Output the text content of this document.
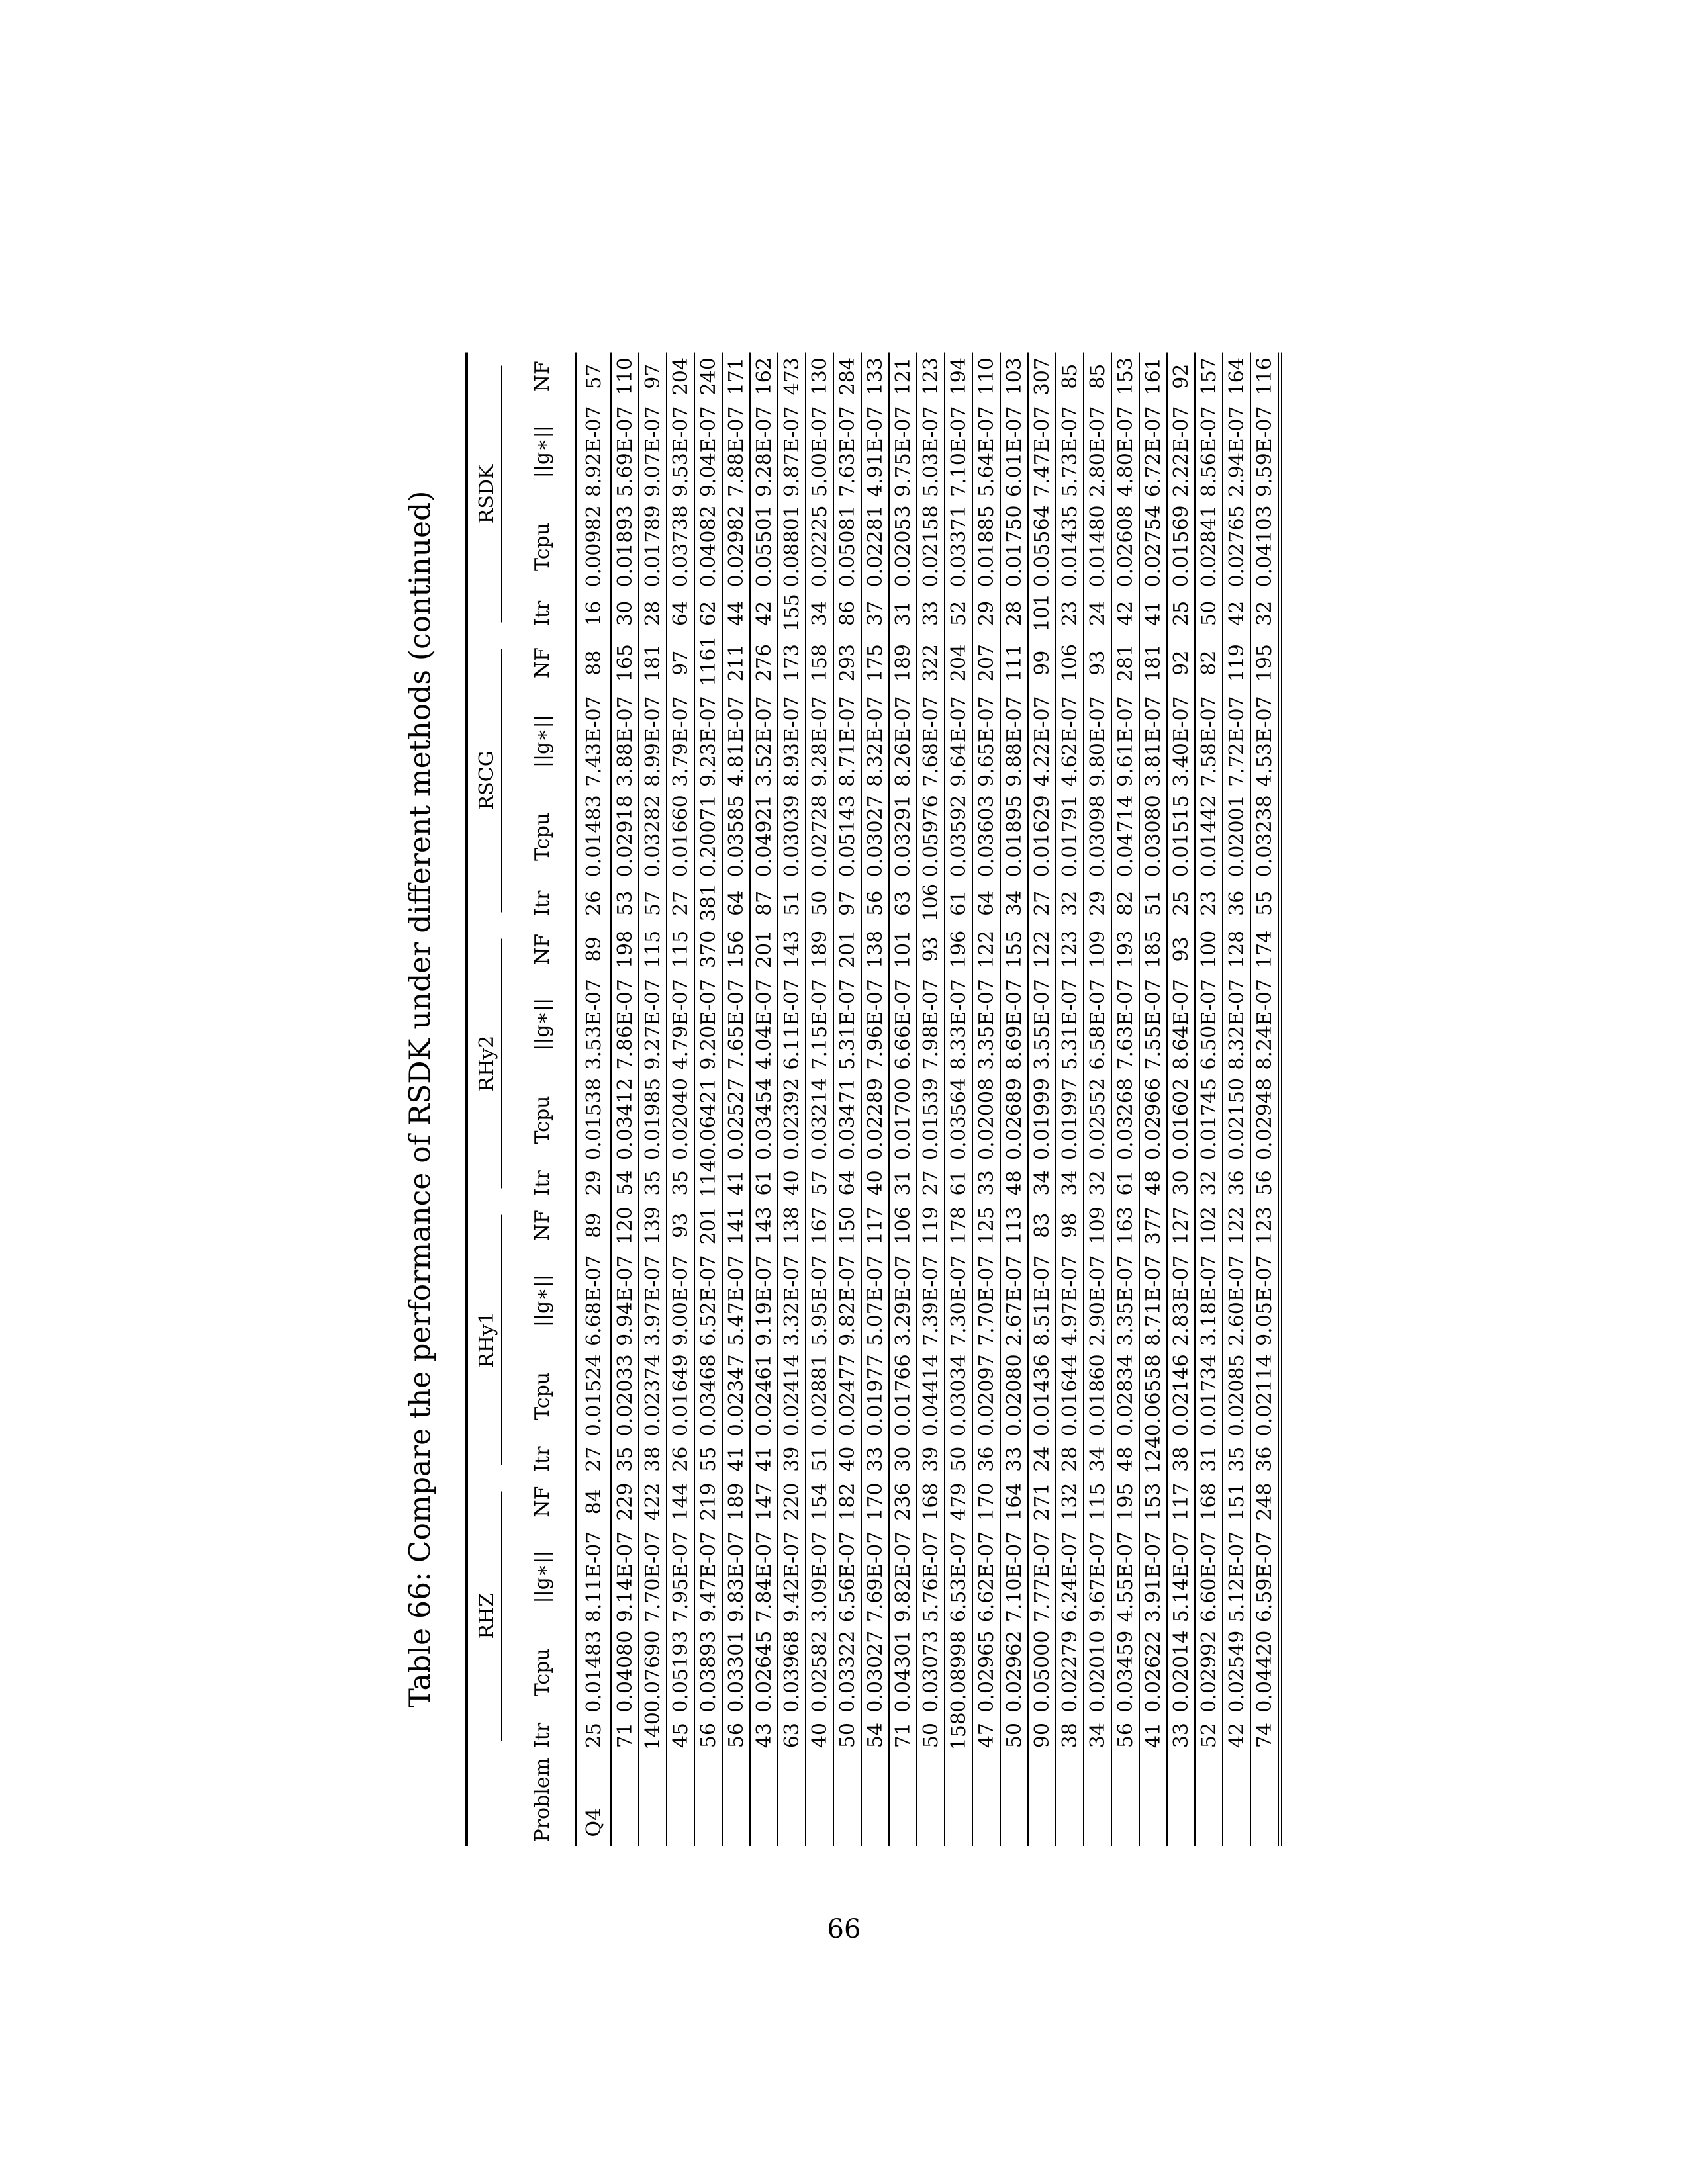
Table 66: Compare the performance of RSDK under different methods (continued)

	RHZ				RHy1				RHy2				RSCG				RSDK			

Problem	Itr	Tcpu	||g∗||	NF	Itr	Tcpu	||g∗||	NF	Itr	Tcpu	||g∗||	NF	Itr	Tcpu	||g∗||	NF	Itr	Tcpu	||g∗||	NF
Q4	25	0.01483	8.11E-07	84	27	0.01524	6.68E-07	89	29	0.01538	3.53E-07	89	26	0.01483	7.43E-07	88	16	0.00982	8.92E-07	57
	71	0.04080	9.14E-07	229	35	0.02033	9.94E-07	120	54	0.03412	7.86E-07	198	53	0.02918	3.88E-07	165	30	0.01893	5.69E-07	110
	140	0.07690	7.70E-07	422	38	0.02374	3.97E-07	139	35	0.01985	9.27E-07	115	57	0.03282	8.99E-07	181	28	0.01789	9.07E-07	97
	45	0.05193	7.95E-07	144	26	0.01649	9.00E-07	93	35	0.02040	4.79E-07	115	27	0.01660	3.79E-07	97	64	0.03738	9.53E-07	204
	56	0.03893	9.47E-07	219	55	0.03468	6.52E-07	201	114	0.06421	9.20E-07	370	381	0.20071	9.23E-07	1161	62	0.04082	9.04E-07	240
	56	0.03301	9.83E-07	189	41	0.02347	5.47E-07	141	41	0.02527	7.65E-07	156	64	0.03585	4.81E-07	211	44	0.02982	7.88E-07	171
	43	0.02645	7.84E-07	147	41	0.02461	9.19E-07	143	61	0.03454	4.04E-07	201	87	0.04921	3.52E-07	276	42	0.05501	9.28E-07	162
	63	0.03968	9.42E-07	220	39	0.02414	3.32E-07	138	40	0.02392	6.11E-07	143	51	0.03039	8.93E-07	173	155	0.08801	9.87E-07	473
	40	0.02582	3.09E-07	154	51	0.02881	5.95E-07	167	57	0.03214	7.15E-07	189	50	0.02728	9.28E-07	158	34	0.02225	5.00E-07	130
	50	0.03322	6.56E-07	182	40	0.02477	9.82E-07	150	64	0.03471	5.31E-07	201	97	0.05143	8.71E-07	293	86	0.05081	7.63E-07	284
	54	0.03027	7.69E-07	170	33	0.01977	5.07E-07	117	40	0.02289	7.96E-07	138	56	0.03027	8.32E-07	175	37	0.02281	4.91E-07	133
	71	0.04301	9.82E-07	236	30	0.01766	3.29E-07	106	31	0.01700	6.66E-07	101	63	0.03291	8.26E-07	189	31	0.02053	9.75E-07	121
	50	0.03073	5.76E-07	168	39	0.04414	7.39E-07	119	27	0.01539	7.98E-07	93	106	0.05976	7.68E-07	322	33	0.02158	5.03E-07	123
	158	0.08998	6.53E-07	479	50	0.03034	7.30E-07	178	61	0.03564	8.33E-07	196	61	0.03592	9.64E-07	204	52	0.03371	7.10E-07	194
	47	0.02965	6.62E-07	170	36	0.02097	7.70E-07	125	33	0.02008	3.35E-07	122	64	0.03603	9.65E-07	207	29	0.01885	5.64E-07	110
	50	0.02962	7.10E-07	164	33	0.02080	2.67E-07	113	48	0.02689	8.69E-07	155	34	0.01895	9.88E-07	111	28	0.01750	6.01E-07	103
	90	0.05000	7.77E-07	271	24	0.01436	8.51E-07	83	34	0.01999	3.55E-07	122	27	0.01629	4.22E-07	99	101	0.05564	7.47E-07	307
	38	0.02279	6.24E-07	132	28	0.01644	4.97E-07	98	34	0.01997	5.31E-07	123	32	0.01791	4.62E-07	106	23	0.01435	5.73E-07	85
	34	0.02010	9.67E-07	115	34	0.01860	2.90E-07	109	32	0.02552	6.58E-07	109	29	0.03098	9.80E-07	93	24	0.01480	2.80E-07	85
	56	0.03459	4.55E-07	195	48	0.02834	3.35E-07	163	61	0.03268	7.63E-07	193	82	0.04714	9.61E-07	281	42	0.02608	4.80E-07	153
	41	0.02622	3.91E-07	153	124	0.06558	8.71E-07	377	48	0.02966	7.55E-07	185	51	0.03080	3.81E-07	181	41	0.02754	6.72E-07	161
	33	0.02014	5.14E-07	117	38	0.02146	2.83E-07	127	30	0.01602	8.64E-07	93	25	0.01515	3.40E-07	92	25	0.01569	2.22E-07	92
	52	0.02992	6.60E-07	168	31	0.01734	3.18E-07	102	32	0.01745	6.50E-07	100	23	0.01442	7.58E-07	82	50	0.02841	8.56E-07	157
	42	0.02549	5.12E-07	151	35	0.02085	2.60E-07	122	36	0.02150	8.32E-07	128	36	0.02001	7.72E-07	119	42	0.02765	2.94E-07	164
	74	0.04420	6.59E-07	248	36	0.02114	9.05E-07	123	56	0.02948	8.24E-07	174	55	0.03238	4.53E-07	195	32	0.04103	9.59E-07	116
66
